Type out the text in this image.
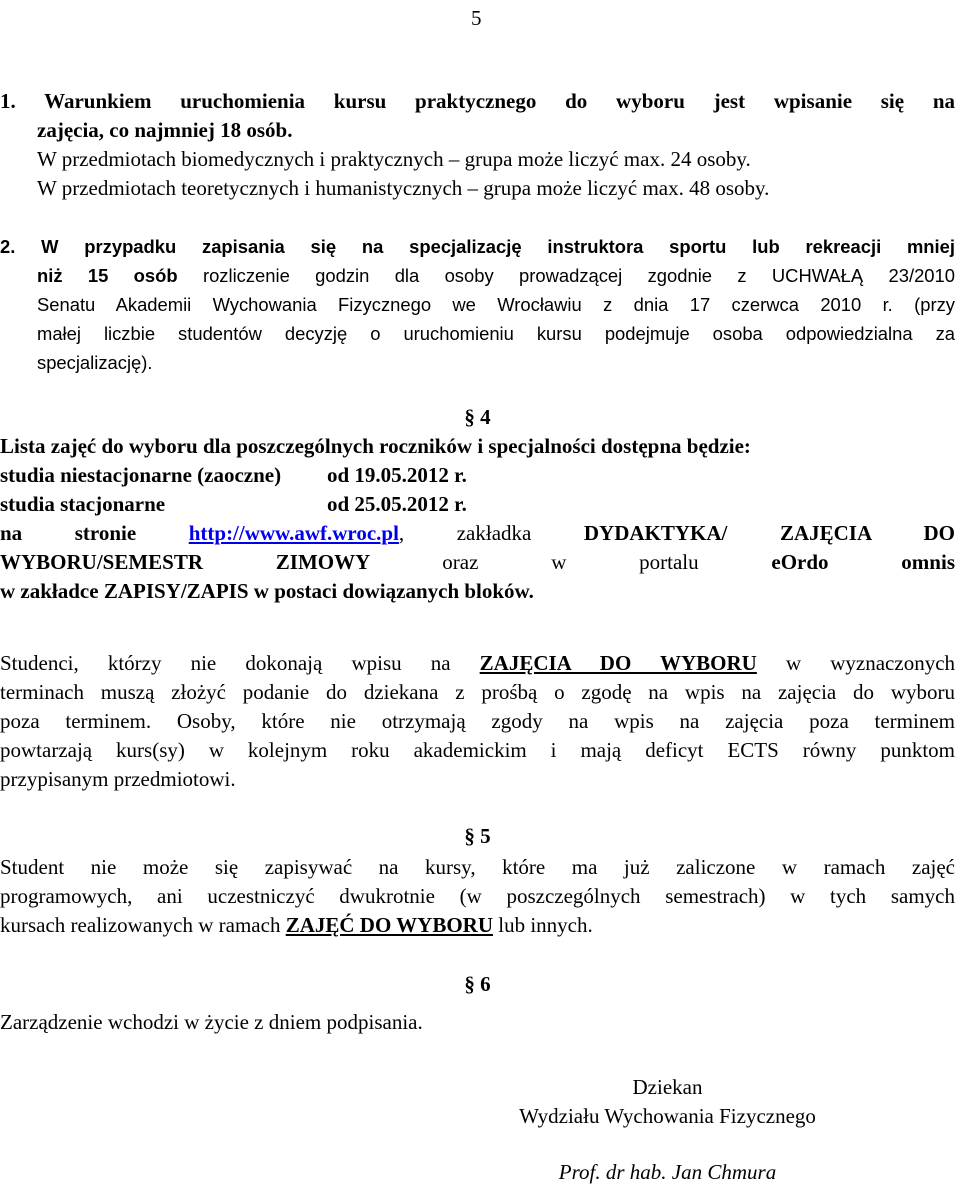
5
1. Warunkiem uruchomienia kursu praktycznego do wyboru jest wpisanie się na
zajęcia, co najmniej 18 osób.
W przedmiotach biomedycznych i praktycznych – grupa może liczyć max. 24 osoby.
W przedmiotach teoretycznych i humanistycznych – grupa może liczyć max. 48 osoby.
2. W przypadku zapisania się na specjalizację instruktora sportu lub rekreacji mniej
niż 15 osób rozliczenie godzin dla osoby prowadzącej zgodnie z UCHWAŁĄ 23/2010
Senatu Akademii Wychowania Fizycznego we Wrocławiu z dnia 17 czerwca 2010 r. (przy
małej liczbie studentów decyzję o uruchomieniu kursu podejmuje osoba odpowiedzialna za
specjalizację).
§ 4
Lista zajęć do wyboru dla poszczególnych roczników i specjalności dostępna będzie:
studia niestacjonarne (zaoczne)	od 19.05.2012 r.
studia stacjonarne	od 25.05.2012 r.
na stronie	http://www.awf.wroc.pl, zakładka	DYDAKTYKA/ ZAJĘCIA DO
WYBORU/SEMESTR ZIMOWY	oraz w portalu	eOrdo omnis
w zakładce ZAPISY/ZAPIS w postaci dowiązanych bloków.
Studenci, którzy nie dokonają wpisu na ZAJĘCIA DO WYBORU w wyznaczonych
terminach muszą złożyć podanie do dziekana z prośbą o zgodę na wpis na zajęcia do wyboru
poza terminem. Osoby, które nie otrzymają zgody na wpis na zajęcia poza terminem
powtarzają kurs(sy) w kolejnym roku akademickim i mają deficyt ECTS równy punktom
przypisanym przedmiotowi.
§ 5
Student nie może się zapisywać na kursy, które ma już zaliczone w ramach zajęć
programowych, ani uczestniczyć dwukrotnie (w poszczególnych semestrach) w tych samych
kursach realizowanych w ramach ZAJĘĆ DO WYBORU lub innych.
§ 6
Zarządzenie wchodzi w życie z dniem podpisania.
Dziekan
Wydziału Wychowania Fizycznego
Prof. dr hab. Jan Chmura
